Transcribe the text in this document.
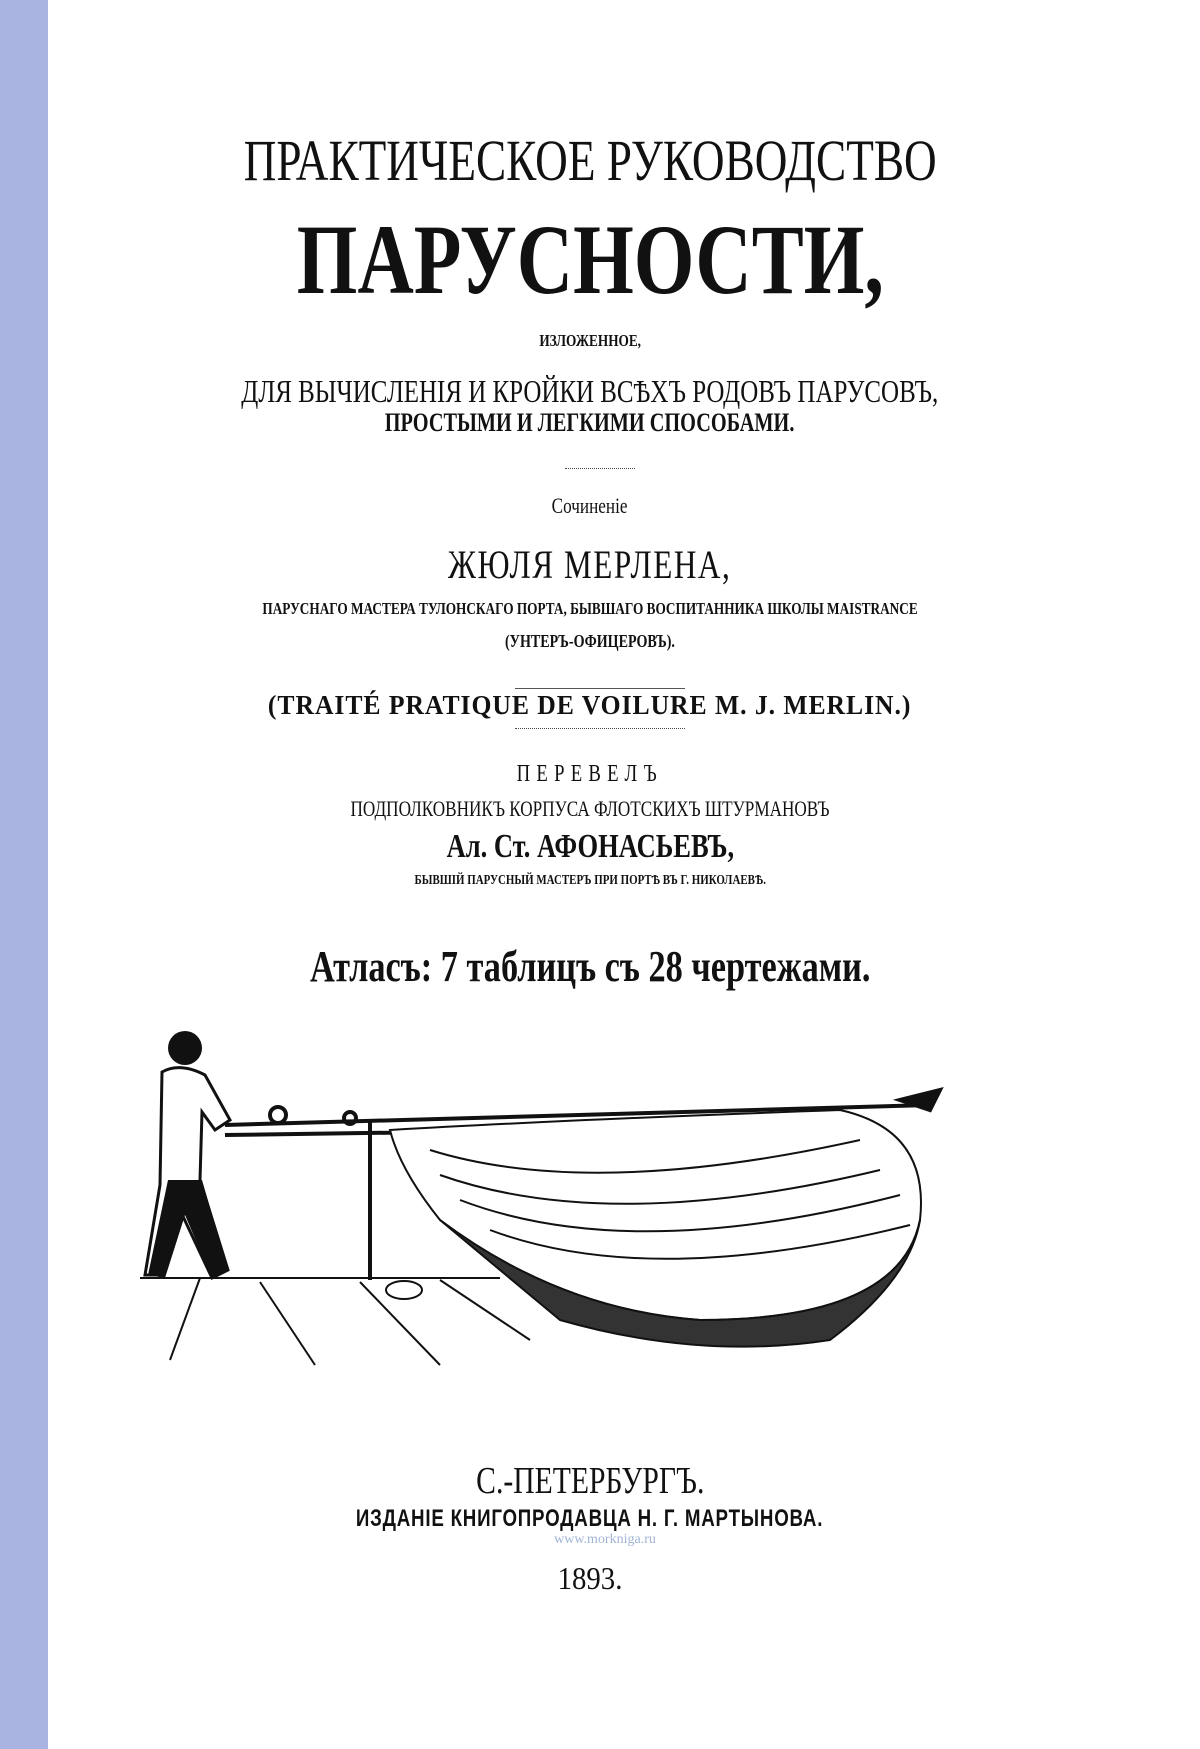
ПРАКТИЧЕСКОЕ РУКОВОДСТВО
ПАРУСНОСТИ,
ИЗЛОЖЕННОЕ,
ДЛЯ ВЫЧИСЛЕНІЯ И КРОЙКИ ВСѢХЪ РОДОВЪ ПАРУСОВЪ,
ПРОСТЫМИ И ЛЕГКИМИ СПОСОБАМИ.
Сочиненіе
ЖЮЛЯ МЕРЛЕНА,
ПАРУСНАГО МАСТЕРА ТУЛОНСКАГО ПОРТА, БЫВШАГО ВОСПИТАННИКА ШКОЛЫ MAISTRANCE
(УНТЕРЪ-ОФИЦЕРОВЪ).
(TRAITÉ PRATIQUE DE VOILURE M. J. MERLIN.)
ПЕРЕВЕЛЪ
ПОДПОЛКОВНИКЪ КОРПУСА ФЛОТСКИХЪ ШТУРМАНОВЪ
Ал. Ст. АФОНАСЬЕВЪ,
БЫВШІЙ ПАРУСНЫЙ МАСТЕРЪ ПРИ ПОРТѢ ВЪ Г. НИКОЛАЕВѢ.
Атласъ: 7 таблицъ съ 28 чертежами.
С.-ПЕТЕРБУРГЪ.
ИЗДАНІЕ КНИГОПРОДАВЦА Н. Г. МАРТЫНОВА.
www.morkniga.ru
1893.
